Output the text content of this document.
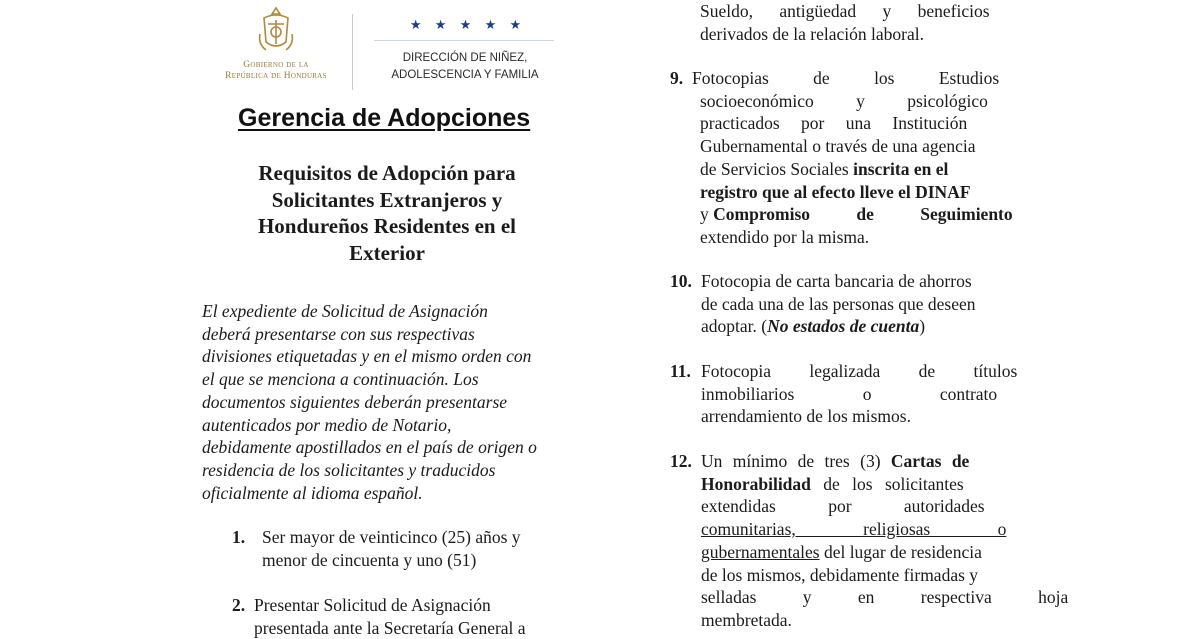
Gobierno de la
República de Honduras
★ ★ ★ ★ ★
DIRECCIÓN DE NIÑEZ,
ADOLESCENCIA Y FAMILIA
Gerencia de Adopciones
Requisitos de Adopción para
Solicitantes Extranjeros y
Hondureños Residentes en el
Exterior
El expediente de Solicitud de Asignación
deberá presentarse con sus respectivas
divisiones etiquetadas y en el mismo orden con
el que se menciona a continuación. Los
documentos siguientes deberán presentarse
autenticados por medio de Notario,
debidamente apostillados en el país de origen o
residencia de los solicitantes y traducidos
oficialmente al idioma español.
1. Ser mayor de veinticinco (25) años y
menor de cincuenta y uno (51)
2. Presentar Solicitud de Asignación
presentada ante la Secretaría General a
Sueldo, antigüedad y beneficios
derivados de la relación laboral.
9. Fotocopias de los Estudios
socioeconómico y psicológico
practicados por una Institución
Gubernamental o través de una agencia
de Servicios Sociales inscrita en el
registro que al efecto lleve el DINAF
y Compromiso de Seguimiento
extendido por la misma.
10. Fotocopia de carta bancaria de ahorros
de cada una de las personas que deseen
adoptar. (No estados de cuenta)
11. Fotocopia legalizada de títulos
inmobiliarios o contrato
arrendamiento de los mismos.
12. Un mínimo de tres (3) Cartas de
Honorabilidad de los solicitantes
extendidas por autoridades
comunitarias, religiosas o
gubernamentales del lugar de residencia
de los mismos, debidamente firmadas y
selladas y en respectiva hoja
membretada.
